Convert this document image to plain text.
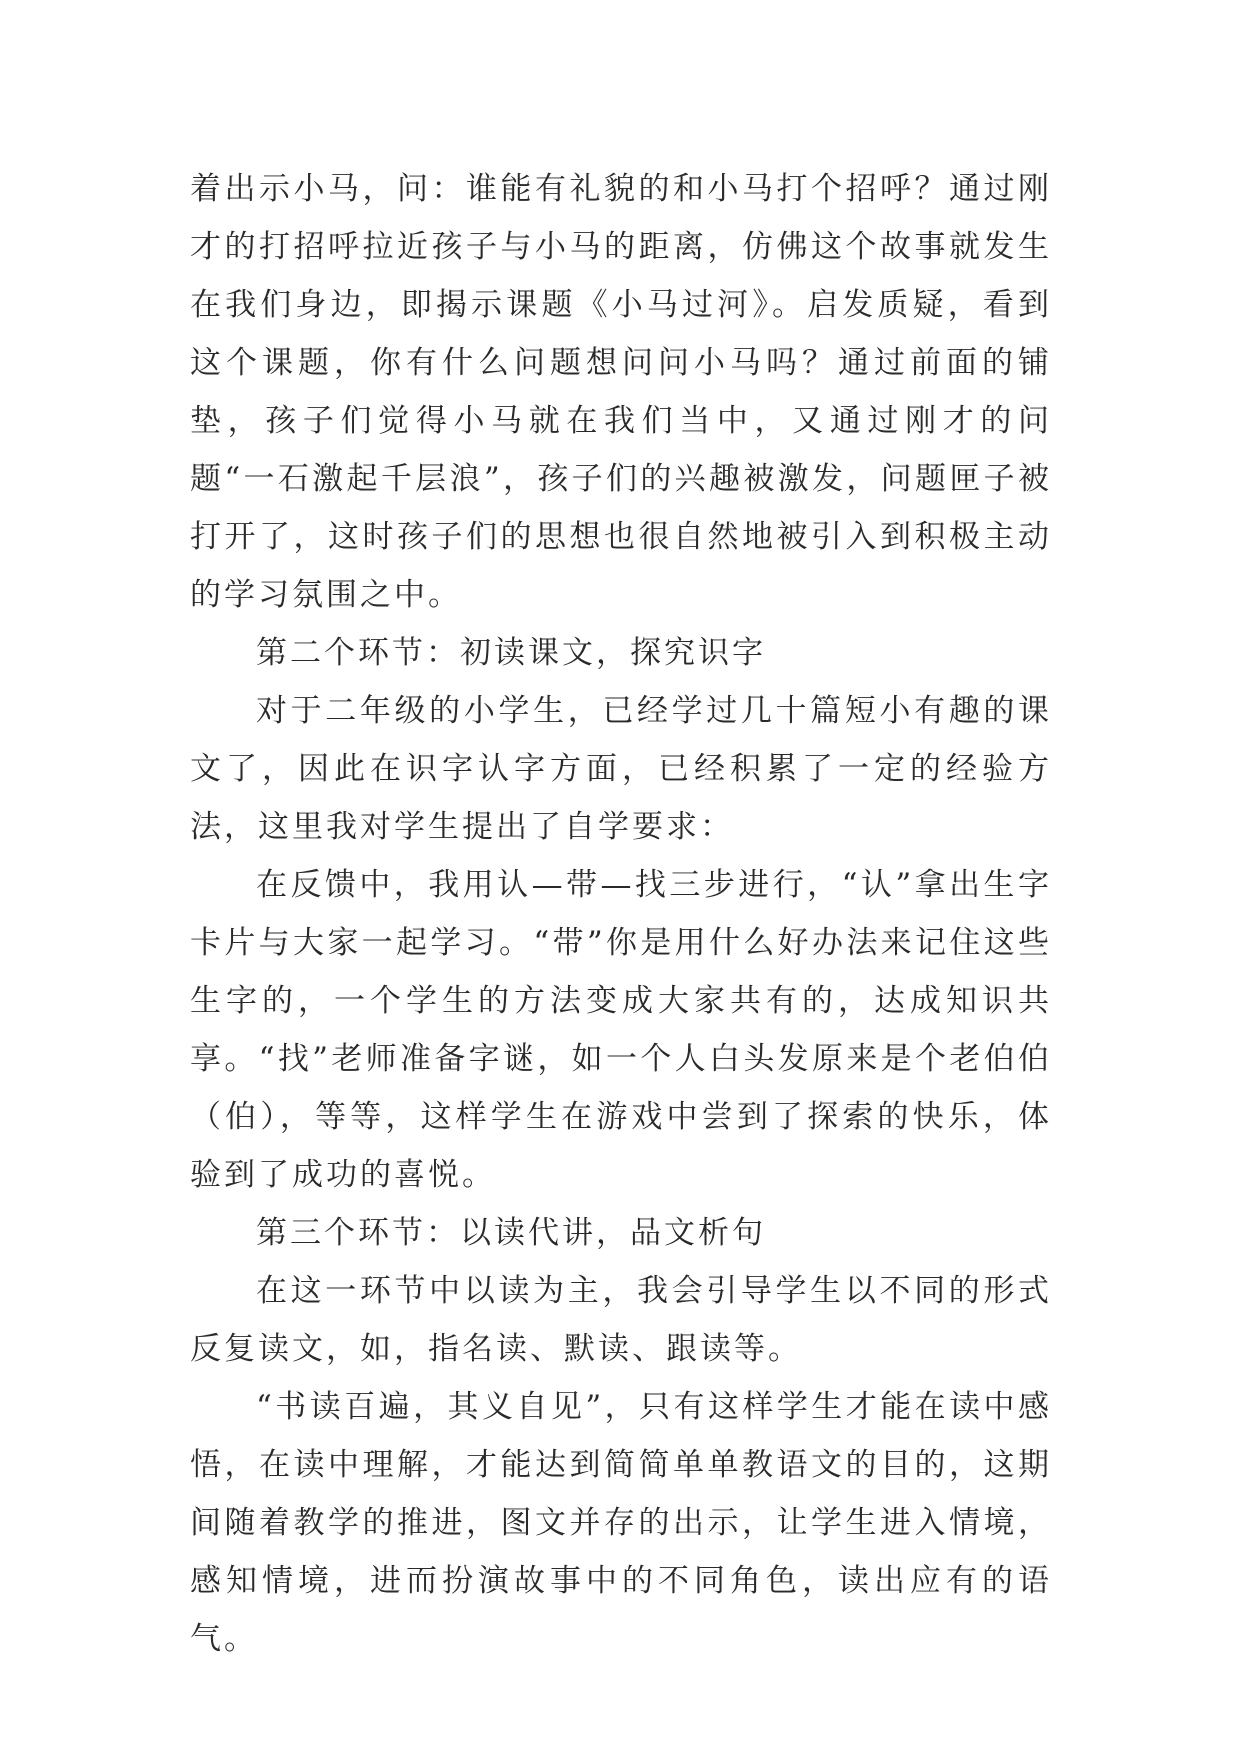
着出示小马，问：谁能有礼貌的和小马打个招呼？通过刚才的打招呼拉近孩子与小马的距离，仿佛这个故事就发生在我们身边，即揭示课题《小马过河》。启发质疑，看到这个课题，你有什么问题想问问小马吗？通过前面的铺垫，孩子们觉得小马就在我们当中，又通过刚才的问题“一石激起千层浪”，孩子们的兴趣被激发，问题匣子被打开了，这时孩子们的思想也很自然地被引入到积极主动的学习氛围之中。

第二个环节：初读课文，探究识字

对于二年级的小学生，已经学过几十篇短小有趣的课文了，因此在识字认字方面，已经积累了一定的经验方法，这里我对学生提出了自学要求：

在反馈中，我用认—带—找三步进行，“认”拿出生字卡片与大家一起学习。“带”你是用什么好办法来记住这些生字的，一个学生的方法变成大家共有的，达成知识共享。“找”老师准备字谜，如一个人白头发原来是个老伯伯（伯），等等，这样学生在游戏中尝到了探索的快乐，体验到了成功的喜悦。

第三个环节：以读代讲，品文析句

在这一环节中以读为主，我会引导学生以不同的形式反复读文，如，指名读、默读、跟读等。

“书读百遍，其义自见”，只有这样学生才能在读中感悟，在读中理解，才能达到简简单单教语文的目的，这期间随着教学的推进，图文并存的出示，让学生进入情境，感知情境，进而扮演故事中的不同角色，读出应有的语气。
